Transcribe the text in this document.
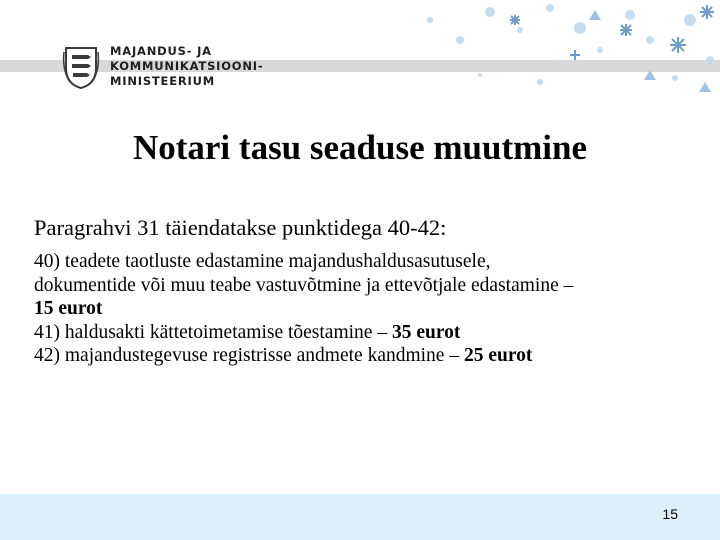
MAJANDUS- JA
KOMMUNIKATSIOONI-
MINISTEERIUM
Notari tasu seaduse muutmine
Paragrahvi 31 täiendatakse punktidega 40-42:
40) teadete taotluste edastamine majandushaldusasutusele,
dokumentide või muu teabe vastuvõtmine ja ettevõtjale edastamine –
15 eurot
41) haldusakti kättetoimetamise tõestamine – 35 eurot
42) majandustegevuse registrisse andmete kandmine – 25 eurot
15
